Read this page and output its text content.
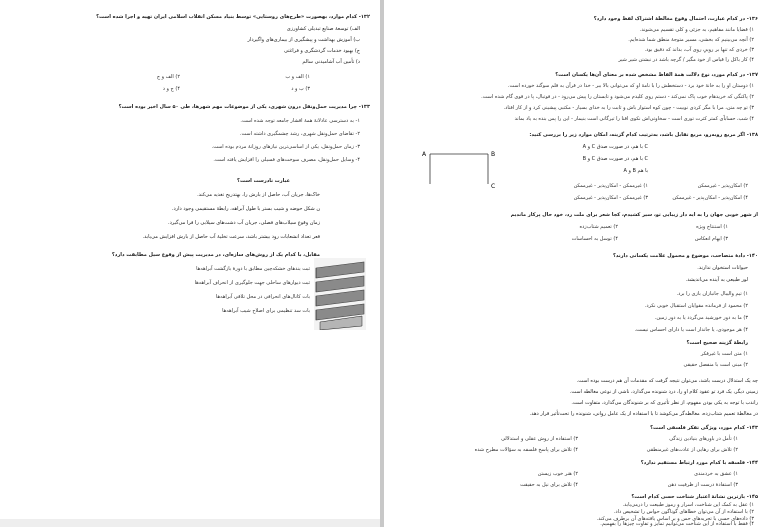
۱۳۲- کدام موارد، بهصورت «طرح‌های روستایی» توسط بنیاد مسکن انقلاب اسلامی ایران تهیه و اجرا شده است؟
الف) توسعۀ صنایع تبدیلی کشاورزی
ب) آموزش بهداشت و پیشگیری از بیماری‌های واگیردار
ج) بهبود خدمات گردشگری و فراغتی
د) تأمین آب آشامیدنی سالم
۱) الف و ب
۲) الف و ج
۳) ب و د
۴) ج و د
۱۳۳- چرا مدیریت حمل‌ونقل درون شهری، یکی از موضوعات مهم شهرها، طی ۵۰ سال اخیر بوده است؟
۱- به دسترسی عادلانۀ همۀ اقشار جامعه توجه شده است.
۲- تقاضای حمل‌ونقل شهری، رشد چشمگیری داشته است.
۳- زمان حمل‌ونقل، یکی از اساسی‌ترین نیازهای روزانۀ مردم بوده است.
۴- وسایل حمل‌ونقل، مصرف سوخت‌های فسیلی را افزایش یافته است.
عبارت نادرست است؟
خاک‌ها، جریان آب، حاصل از بارش را، بهتدریج تغذیه می‌کند.
ن شکل حوضه و شیب بستر با طول آبراهه، رابطۀ مستقیمی وجود دارد.
زمان وقوع سیلاب‌های فصلی، جریان آب دشت‌های سیلابی را فرا می‌گیرد.
قعر تعداد انشعابات رود بیشتر باشد، سرعت تخلیۀ آب حاصل از بارش افزایش می‌یابد.
مقابل، با کدام یک از روش‌های سازه‌ای، در مدیریت پیش از وقوع سیل مطابقت دارد؟
ثبت بندهای خشکه‌چین مطابق با دورۀ بازگشت آبراهه‌ها
ثبت دیوارهای ساحلی جهت جلوگیری از انحراف آبراهه‌ها
بات کانال‌های انحرافی در محل تلاقی آبراهه‌ها
بات سد تنظیمی برای اصلاح شیب آبراهه‌ها
۱۳۶- در کدام عبارت، احتمال وقوع مغالطۀ اشتراک لفظ وجود دارد؟
۱) قضایا مانند مفاهیم، به جزئی و کلی تقسیم می‌شوند.
۲) آنچه می‌بینیم که بخشی، مسیر متوجۀ منطق شما شده‌ایم.
۳) خردی که تنها بر روییِ روی آب، بداند که دقیق بود.
۴) کار باکل را قیاس از خود مگیر / گرچه باشد در نبشتن شیر شیر
۱۳۷- در کدام مورد، نوع دلالت همۀ الفاظ مشخص شده بر معنای آن‌ها یکسان است؟
۱) دوستان او را به خانۀ خود برد - دستخطش را با نامۀ او که می‌توانی بالا ببر - خدا در قرآن به قلم سوگند خورده است.
۲) پاکنگی که خریدهام خوب پاک نمی‌کند - دستم روی کلیدم می‌شود و تابستان را پیش می‌رود - در فوتبال، پا در قوی گام شده است.
۳) تو چه متن، مرا با مگر کردی نوبیت - چون کوه استوار باش و ثابت را به خدای بسیار - مکتبی پیشینی کرد و از کار افتاد.
۴) شب، حساباًی کمتر کثرت توری است - سخاوتی‌اش نکوی اقنا را تیرگانی است بنیمار - این را پس بنده به یاد بماند
۱۳۸- اگر مربع روبه‌رو، مربع تقابل باشد، به‌ترتیب کدام گزینه، امکان موارد زیر را بررسی کنید:
A و C با هم، در صورت صدق C
B و C با هم، در صورت صدق C
A و B با هم
۱) غیرممکن - امکان‌پذیر - غیرممکن	۲) امکان‌پذیر - غیرممکن
۳) غیرممکن - امکان‌پذیر - غیرممکن	۴) امکان‌پذیر - امکان‌پذیر - غیرممکن
A	B
C
از شهر خوبی جهان را به ایه دار زیبایی تو، سیر کشیدم، کجا شعر برای ملت رد، خود حال پرکار ماندیم
۱) استنتاج ویژه
۲) تعمیم شتاب‌زده
۳) ایهام انعکاس
۴) توسل به احساسات
۱۴۰- دادۀ متصاحب، موضوع و محمول علامت یکسانی دارند؟
حیوانات استخوان ندارند.
لور طبیعی به آینده می‌اندیشد.
۱) تیم والیبال جانبازان بازی را برد.
۲) محمود از فرمانده مقوایان استقبال خوبی نکرد.
۳) ما به دور خورشید می‌گردد یا به دور زمین.
۴) هر موجودی، یا جاندار است یا دارای احساس نیست.
رابطۀ گزینه صحیح است؟
۱) متن است با غیرفکر
۲) مبنی است با منفصل حقیقی
چه یک استدلال درست باشد، می‌توان نتیجه گرفت که مقدمات آن هم درست بوده است.
زمینی دیگر، یک فرد تو عقود کلام او را، درد شنونده می‌گذارد، ناشی از نوعی مغالطه است.
راندب با توجه به یکی بودن مفهوم، از نظر تأثیری که بر شنوندگان می‌گذارد، متفاوت است.
در مغالطۀ تعمیم شتاب‌زده، مغالطه‌گر می‌کوشد تا با استفاده از یک عامل روانی، شنونده را تحت‌تأثیر قرار دهد.
۱۴۳- کدام مورد، ویژگی تفکر فلسفی است؟
۱) تأمل در باورهای بنیادین زندگی
۲) تلاش برای رهایی از عادت‌های غیرمنطقی
۳) استفاده از روش عقلی و استدلالی
۴) تلاش برای پاسخ فلسفه به سؤالات مطرح شده
۱۴۴- فلسفه با کدام مورد ارتباط مستقیم ندارد؟
۱) عشق به خردمندی
۲) هنر خوب زیستن
۳) استفادۀ درست از ظرفیت ذهن
۴) تلاش برای نیل به حقیقت
۱۴۵- بازترین نشانۀ اعتبار شناخت حسی کدام است؟
۱) عقل به کمک این شناخت، اسرار و رموز طبیعت را درمی‌یابد.
۲) با استفاده از آن می‌توان خطاهای گوناگون حواس را تشخیص داد.
۳) داده‌های حسی با تجربه‌های حس و بر اساس یافته‌های آن برطرف می‌کند.
۴) فقط با استفاده از این شناخت می‌توانیم تمایز و تفاوت چیزها را بفهمیم.
